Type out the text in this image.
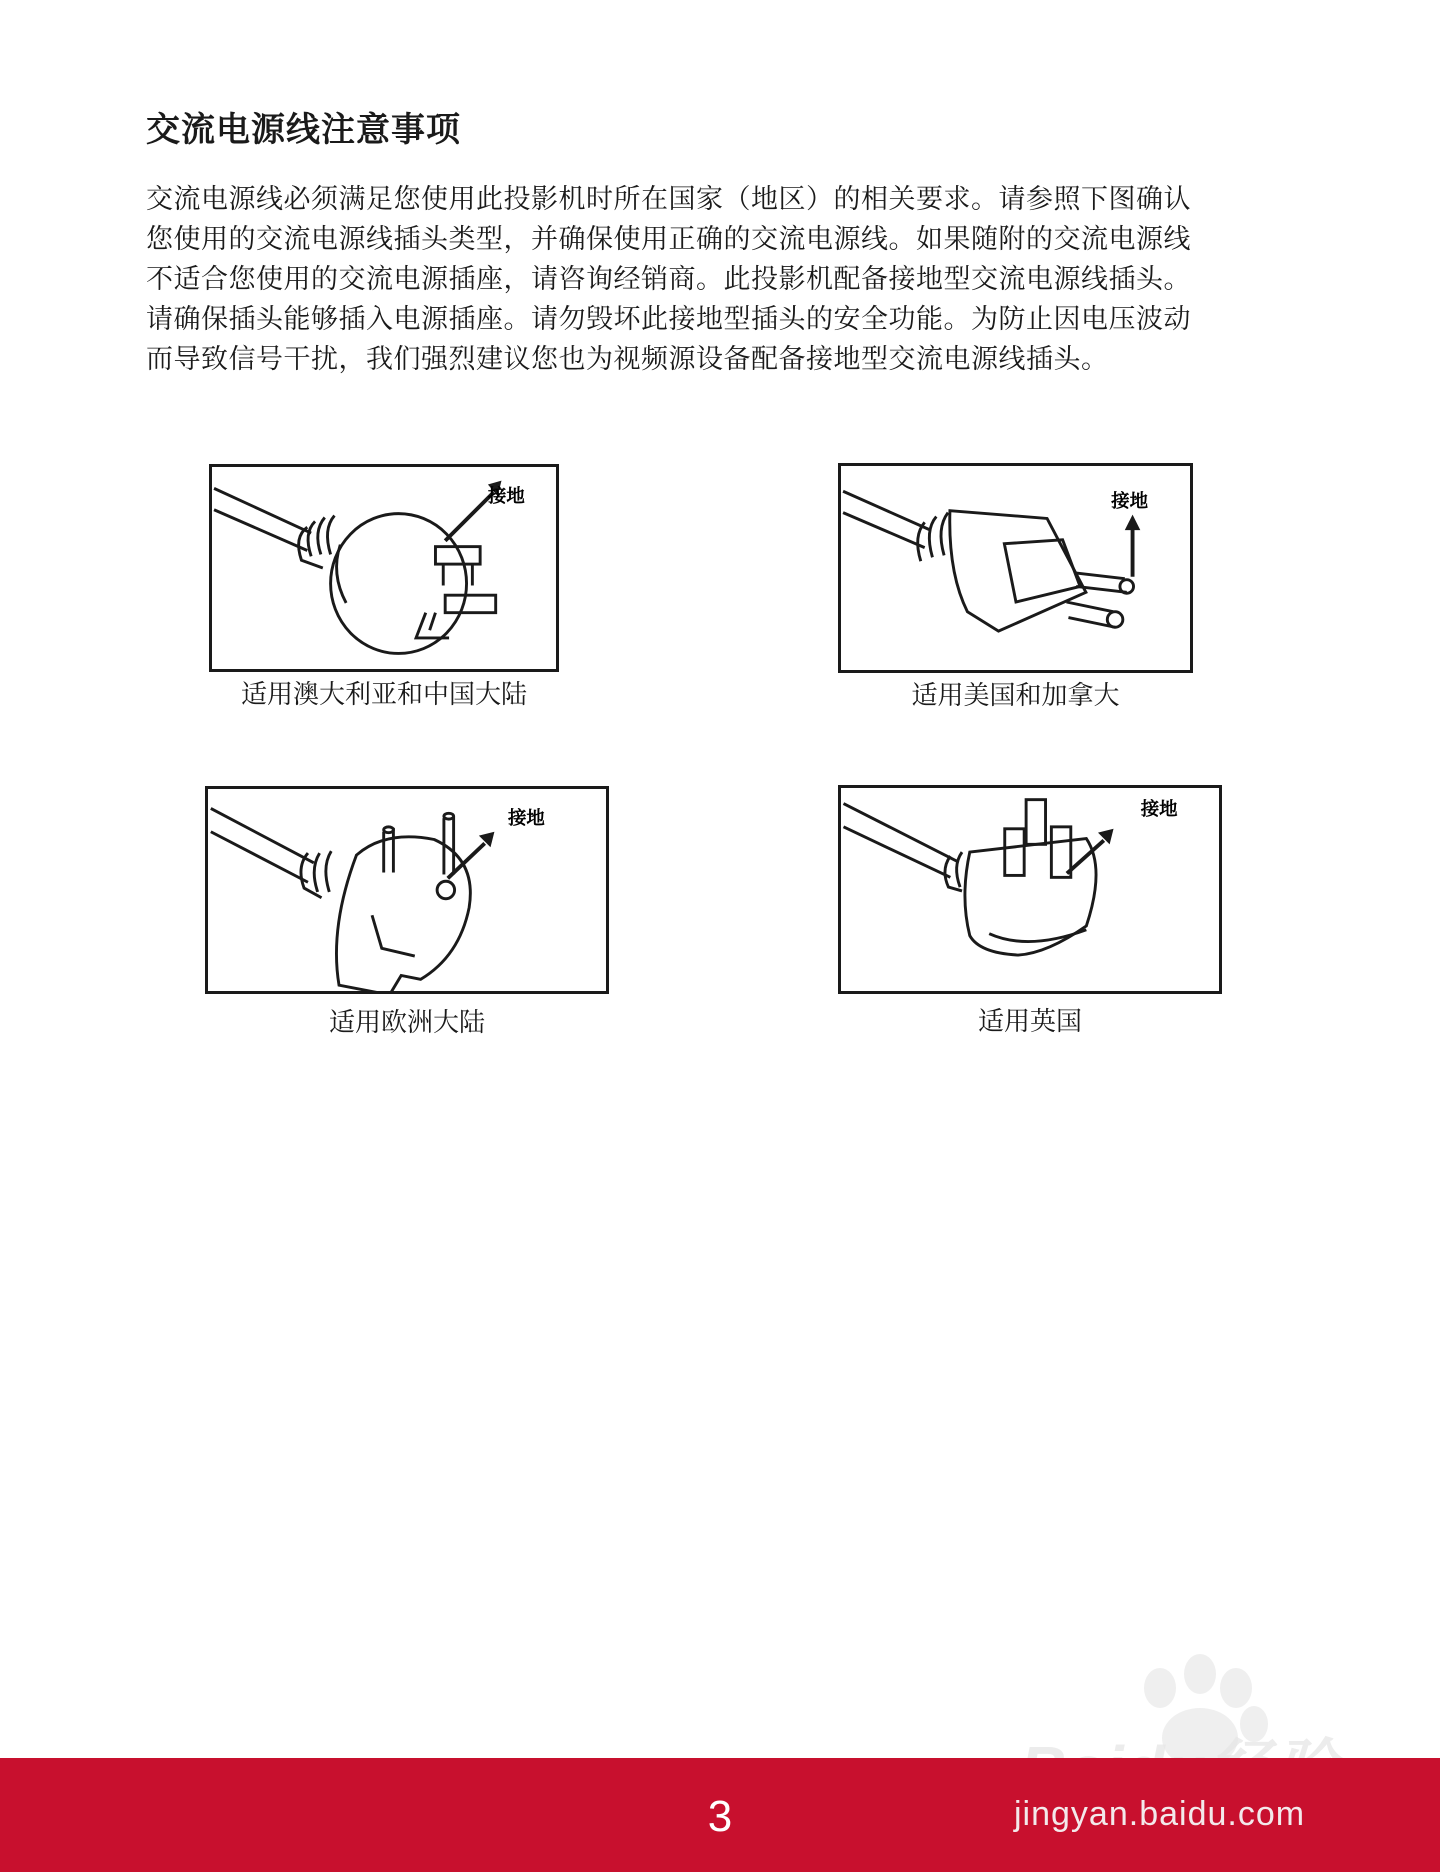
交流电源线注意事项
交流电源线必须满足您使用此投影机时所在国家（地区）的相关要求。请参照下图确认
您使用的交流电源线插头类型，并确保使用正确的交流电源线。如果随附的交流电源线
不适合您使用的交流电源插座，请咨询经销商。此投影机配备接地型交流电源线插头。
请确保插头能够插入电源插座。请勿毁坏此接地型插头的安全功能。为防止因电压波动
而导致信号干扰，我们强烈建议您也为视频源设备配备接地型交流电源线插头。
接地
适用澳大利亚和中国大陆
接地
适用美国和加拿大
接地
适用欧洲大陆
接地
适用英国
3	jingyan.baidu.com
